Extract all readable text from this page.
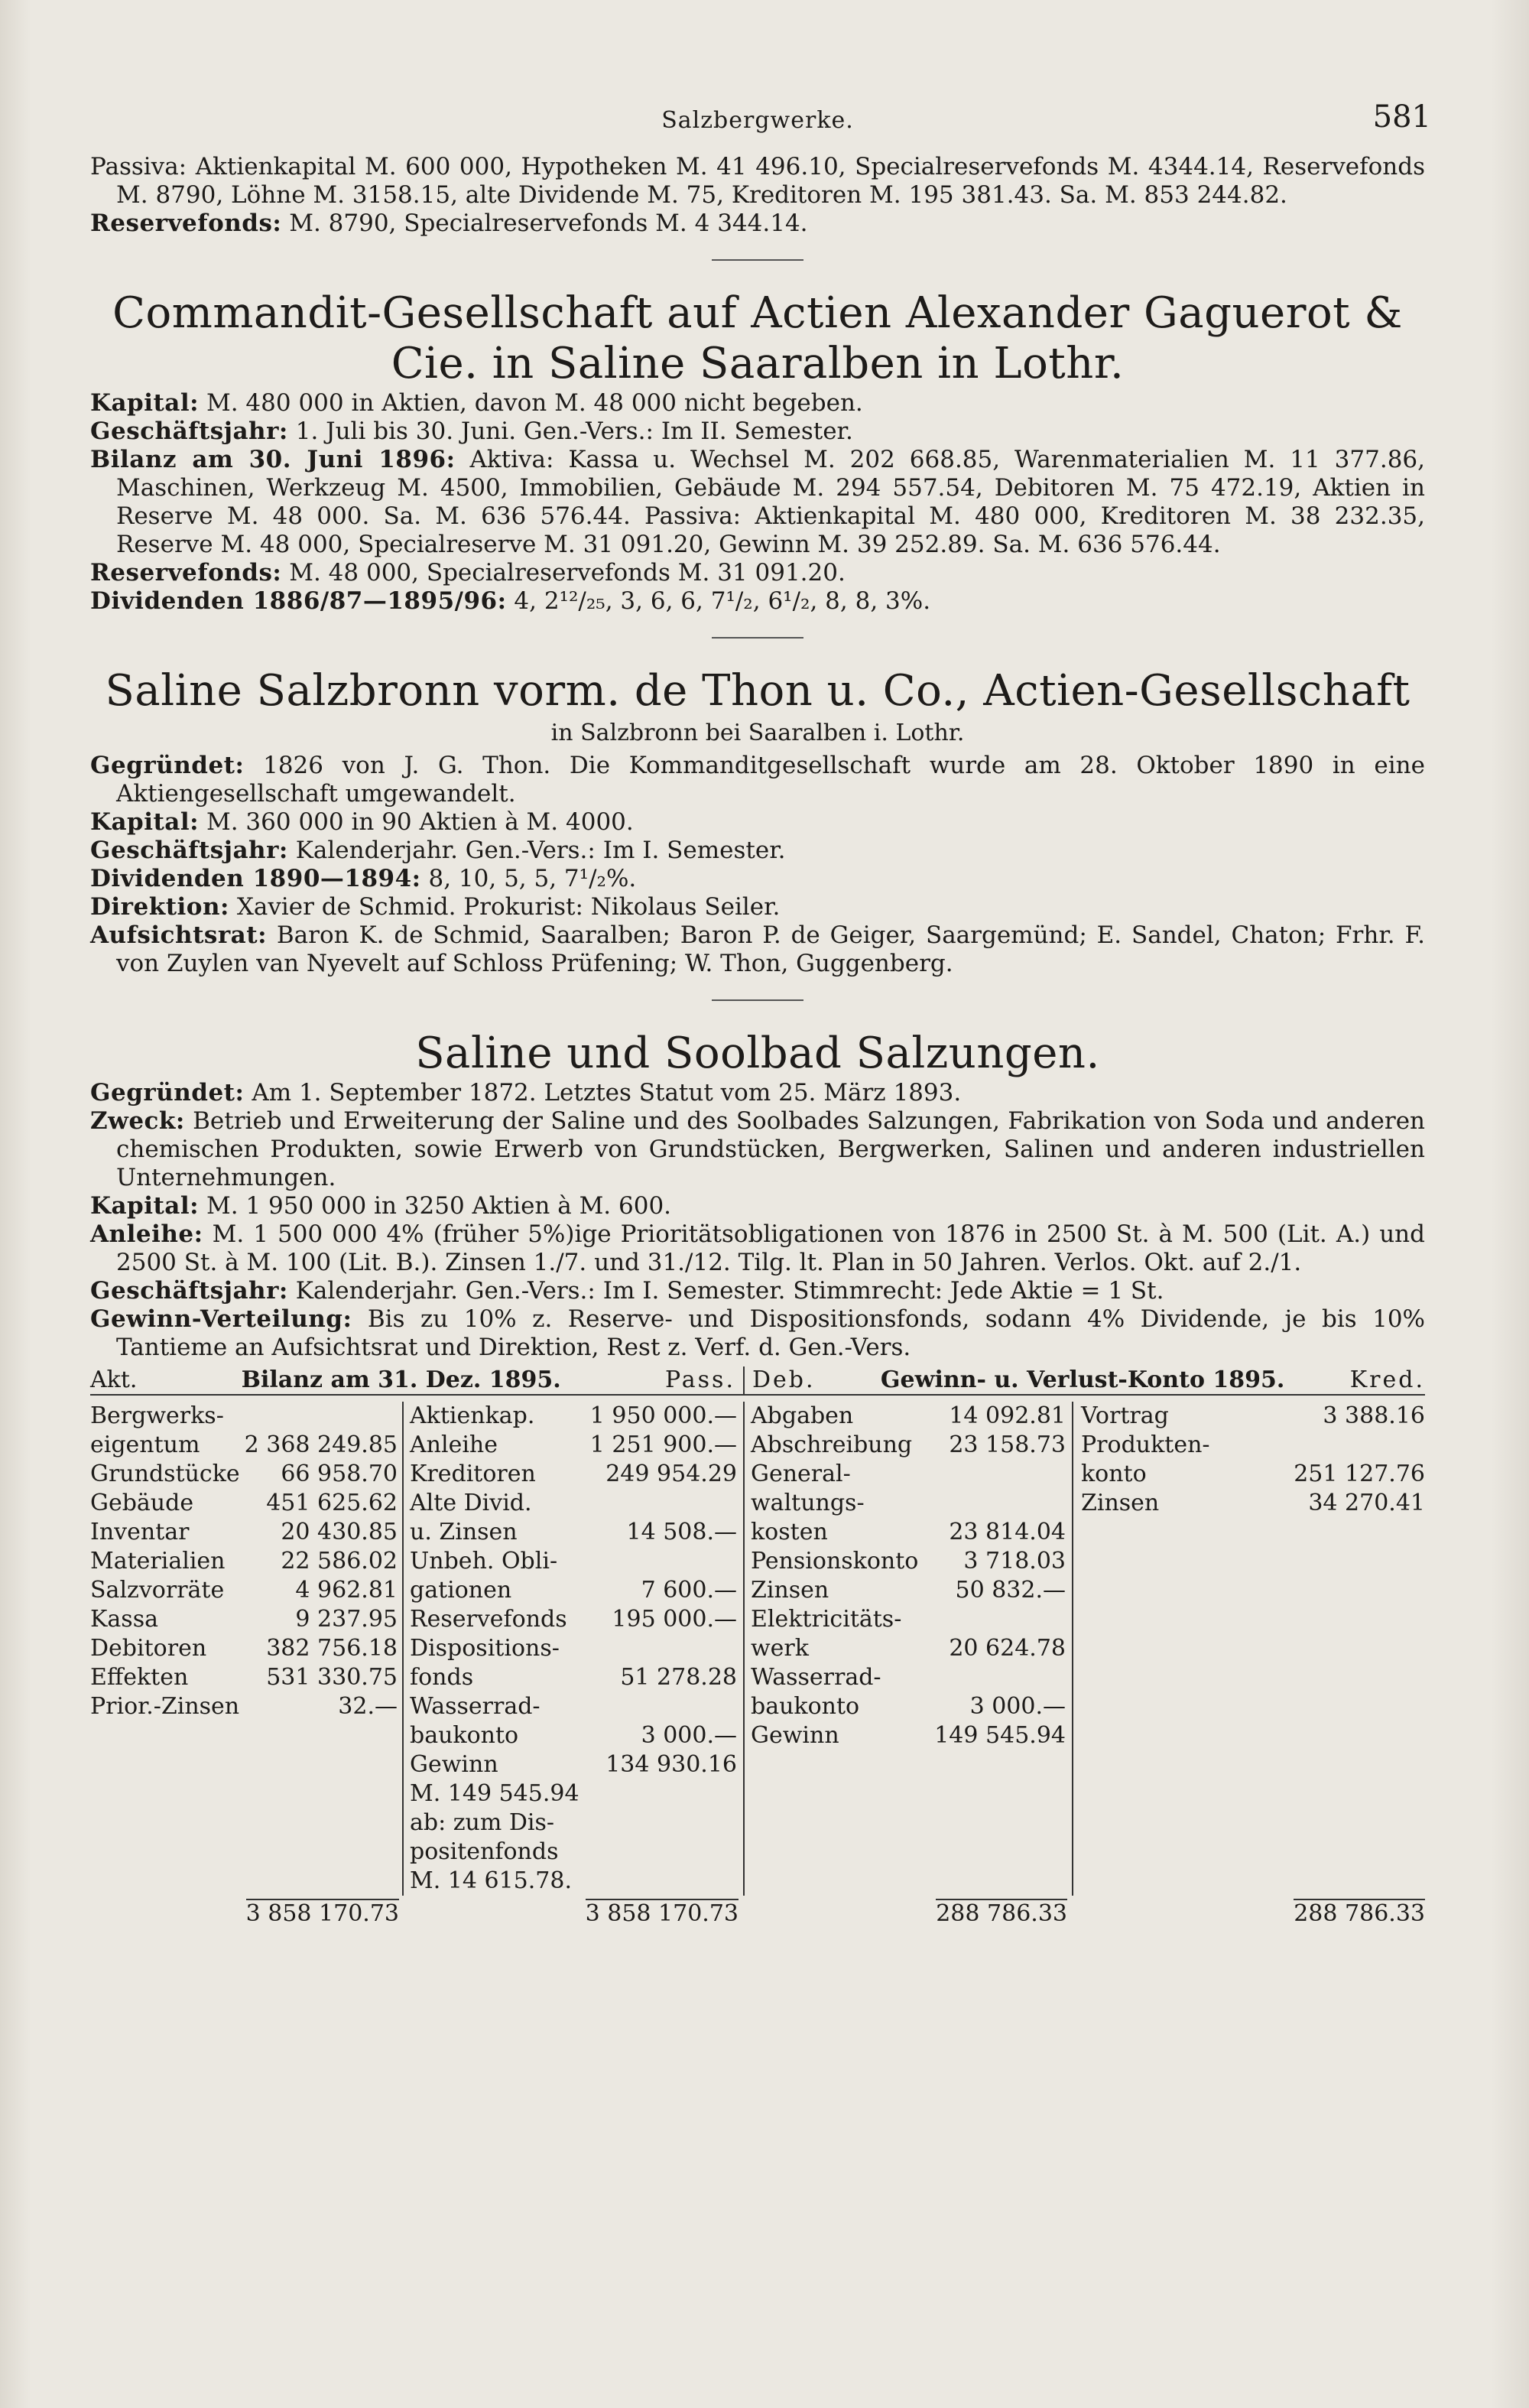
Salzbergwerke.	581

Passiva: Aktienkapital M. 600 000, Hypotheken M. 41 496.10, Specialreservefonds M. 4344.14, Reservefonds M. 8790, Löhne M. 3158.15, alte Dividende M. 75, Kreditoren M. 195 381.43. Sa. M. 853 244.82.

Reservefonds: M. 8790, Specialreservefonds M. 4 344.14.

Commandit-Gesellschaft auf Actien Alexander Gaguerot & Cie. in Saline Saaralben in Lothr.

Kapital: M. 480 000 in Aktien, davon M. 48 000 nicht begeben.

Geschäftsjahr: 1. Juli bis 30. Juni. Gen.-Vers.: Im II. Semester.

Bilanz am 30. Juni 1896: Aktiva: Kassa u. Wechsel M. 202 668.85, Warenmaterialien M. 11 377.86, Maschinen, Werkzeug M. 4500, Immobilien, Gebäude M. 294 557.54, Debitoren M. 75 472.19, Aktien in Reserve M. 48 000. Sa. M. 636 576.44. Passiva: Aktienkapital M. 480 000, Kreditoren M. 38 232.35, Reserve M. 48 000, Specialreserve M. 31 091.20, Gewinn M. 39 252.89. Sa. M. 636 576.44.

Reservefonds: M. 48 000, Specialreservefonds M. 31 091.20.

Dividenden 1886/87—1895/96: 4, 2¹²/₂₅, 3, 6, 6, 7¹/₂, 6¹/₂, 8, 8, 3%.

Saline Salzbronn vorm. de Thon u. Co., Actien-Gesellschaft
in Salzbronn bei Saaralben i. Lothr.

Gegründet: 1826 von J. G. Thon. Die Kommanditgesellschaft wurde am 28. Oktober 1890 in eine Aktiengesellschaft umgewandelt.

Kapital: M. 360 000 in 90 Aktien à M. 4000.

Geschäftsjahr: Kalenderjahr. Gen.-Vers.: Im I. Semester.

Dividenden 1890—1894: 8, 10, 5, 5, 7¹/₂%.

Direktion: Xavier de Schmid. Prokurist: Nikolaus Seiler.

Aufsichtsrat: Baron K. de Schmid, Saaralben; Baron P. de Geiger, Saargemünd; E. Sandel, Chaton; Frhr. F. von Zuylen van Nyevelt auf Schloss Prüfening; W. Thon, Guggenberg.

Saline und Soolbad Salzungen.

Gegründet: Am 1. September 1872. Letztes Statut vom 25. März 1893.

Zweck: Betrieb und Erweiterung der Saline und des Soolbades Salzungen, Fabrikation von Soda und anderen chemischen Produkten, sowie Erwerb von Grundstücken, Bergwerken, Salinen und anderen industriellen Unternehmungen.

Kapital: M. 1 950 000 in 3250 Aktien à M. 600.

Anleihe: M. 1 500 000 4% (früher 5%)ige Prioritätsobligationen von 1876 in 2500 St. à M. 500 (Lit. A.) und 2500 St. à M. 100 (Lit. B.). Zinsen 1./7. und 31./12. Tilg. lt. Plan in 50 Jahren. Verlos. Okt. auf 2./1.

Geschäftsjahr: Kalenderjahr. Gen.-Vers.: Im I. Semester. Stimmrecht: Jede Aktie = 1 St.

Gewinn-Verteilung: Bis zu 10% z. Reserve- und Dispositionsfonds, sodann 4% Dividende, je bis 10% Tantieme an Aufsichtsrat und Direktion, Rest z. Verf. d. Gen.-Vers.

Akt.	Bilanz am 31. Dez. 1895.	Pass. Deb.	Gewinn- u. Verlust-Konto 1895.	Kred.
Bergwerks-
eigentum 2 368 249.85
Grundstücke 66 958.70
Gebäude	451 625.62
Inventar	20 430.85
Materialien 22 586.02
Salzvorräte	4 962.81
Kassa	9 237.95
Debitoren	382 756.18
Effekten	531 330.75
Prior.-Zinsen	32.—
Aktienkap. 1 950 000.—
Anleihe	1 251 900.—
Kreditoren	249 954.29
Alte Divid.
u. Zinsen	14 508.—
Unbeh. Obli-
gationen	7 600.—
Reservefonds 195 000.—
Dispositions-
fonds	51 278.28
Wasserrad-
baukonto	3 000.—
Gewinn	134 930.16
M. 149 545.94
ab: zum Dis-
positenfonds
M. 14 615.78.
Abgaben	14 092.81
Abschreibung 23 158.73
General-
waltungs-
kosten	23 814.04
Pensionskonto 3 718.03
Zinsen	50 832.—
Elektricitäts-
werk	20 624.78
Wasserrad-
baukonto	3 000.—
Gewinn	149 545.94
Vortrag	3 388.16
Produkten-
konto	251 127.76
Zinsen	34 270.41
3 858 170.73	3 858 170.73	288 786.33	288 786.33
